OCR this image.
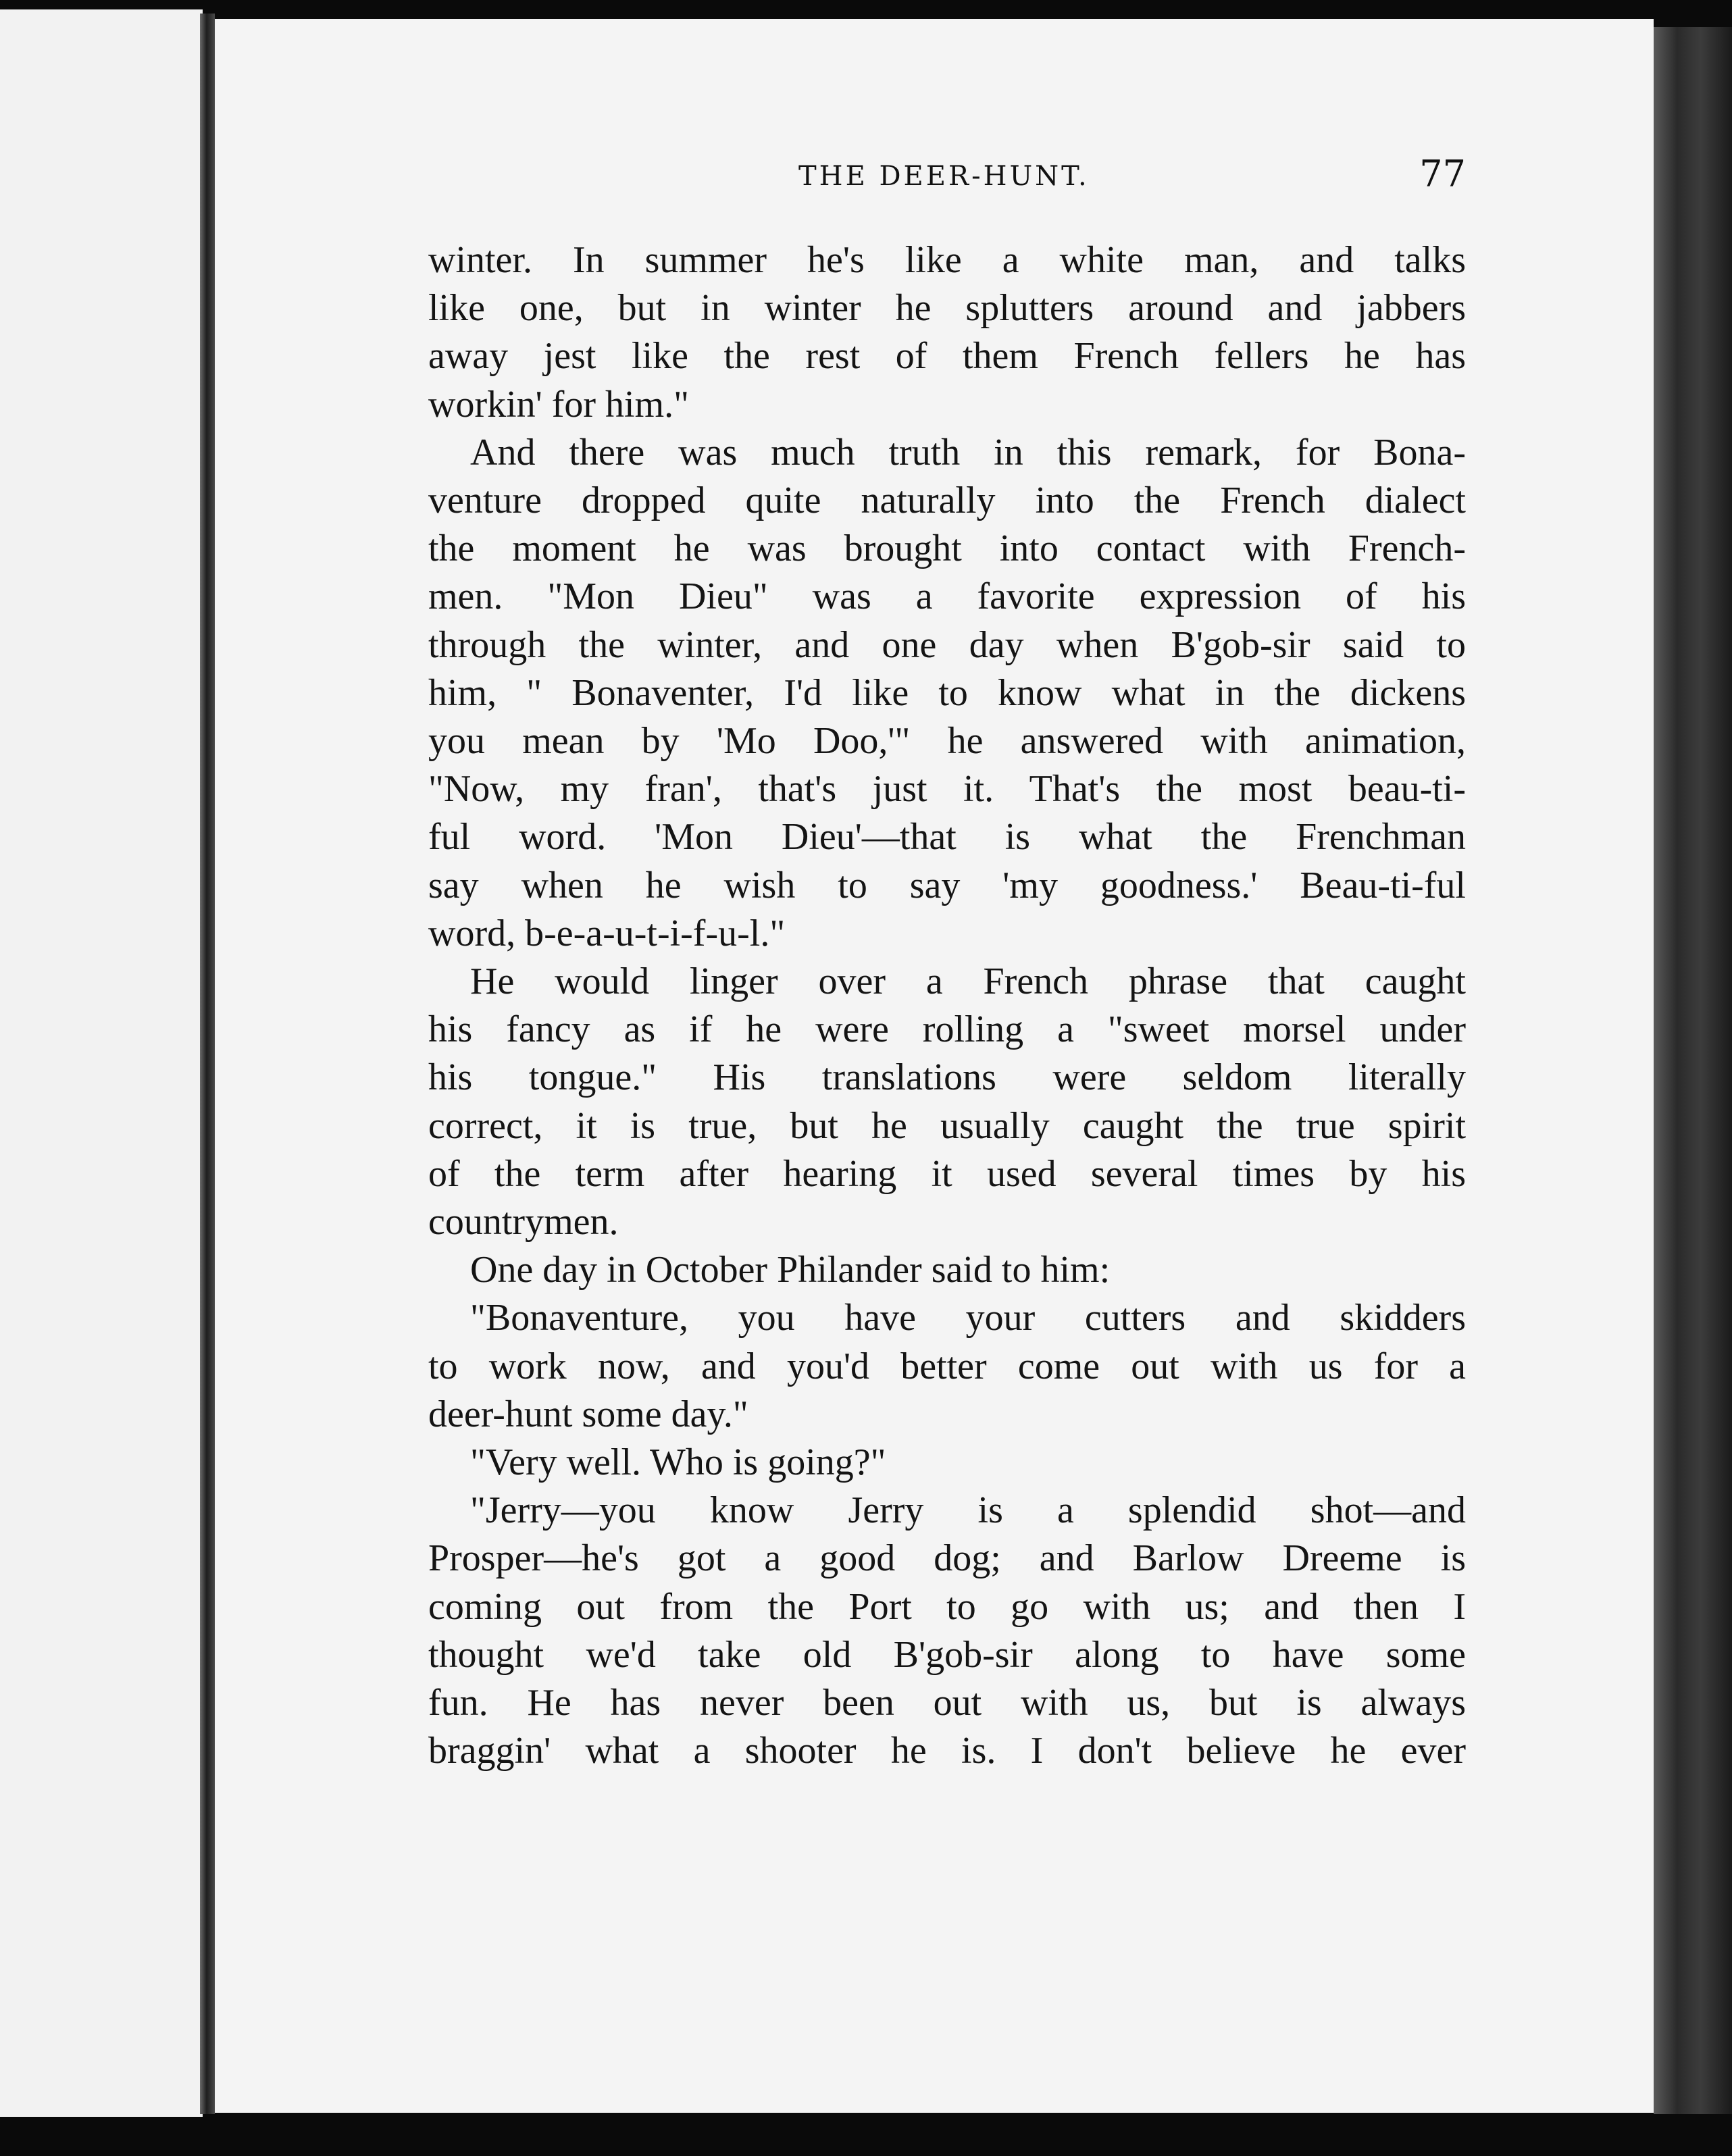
THE DEER-HUNT.	77

winter. In summer he's like a white man, and talks
like one, but in winter he splutters around and jabbers
away jest like the rest of them French fellers he has
workin' for him."

And there was much truth in this remark, for Bona-
venture dropped quite naturally into the French dialect
the moment he was brought into contact with French-
men. "Mon Dieu" was a favorite expression of his
through the winter, and one day when B'gob-sir said to
him, " Bonaventer, I'd like to know what in the dickens
you mean by 'Mo Doo,'" he answered with animation,
"Now, my fran', that's just it. That's the most beau-ti-
ful word. 'Mon Dieu'—that is what the Frenchman
say when he wish to say 'my goodness.' Beau-ti-ful
word, b-e-a-u-t-i-f-u-l."

He would linger over a French phrase that caught
his fancy as if he were rolling a "sweet morsel under
his tongue." His translations were seldom literally
correct, it is true, but he usually caught the true spirit
of the term after hearing it used several times by his
countrymen.

One day in October Philander said to him:

"Bonaventure, you have your cutters and skidders
to work now, and you'd better come out with us for a
deer-hunt some day."

"Very well. Who is going?"

"Jerry—you know Jerry is a splendid shot—and
Prosper—he's got a good dog; and Barlow Dreeme is
coming out from the Port to go with us; and then I
thought we'd take old B'gob-sir along to have some
fun. He has never been out with us, but is always
braggin' what a shooter he is. I don't believe he ever
